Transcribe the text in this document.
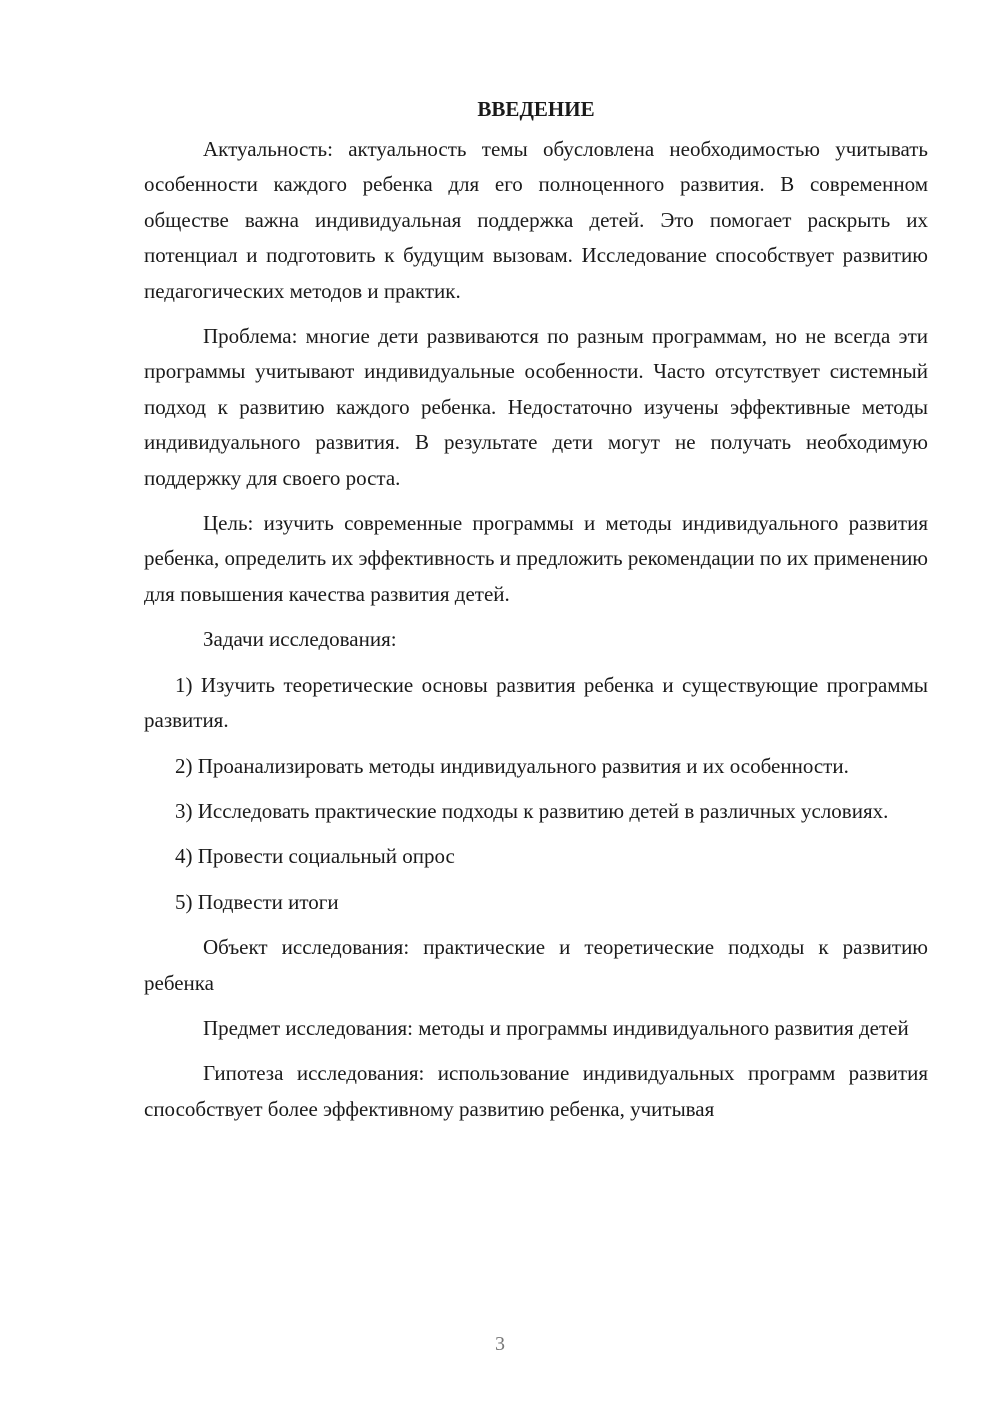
ВВЕДЕНИЕ

Актуальность: актуальность темы обусловлена необходимостью учитывать особенности каждого ребенка для его полноценного развития. В современном обществе важна индивидуальная поддержка детей. Это помогает раскрыть их потенциал и подготовить к будущим вызовам. Исследование способствует развитию педагогических методов и практик.

Проблема: многие дети развиваются по разным программам, но не всегда эти программы учитывают индивидуальные особенности. Часто отсутствует системный подход к развитию каждого ребенка. Недостаточно изучены эффективные методы индивидуального развития. В результате дети могут не получать необходимую поддержку для своего роста.

Цель: изучить современные программы и методы индивидуального развития ребенка, определить их эффективность и предложить рекомендации по их применению для повышения качества развития детей.

Задачи исследования:

1) Изучить теоретические основы развития ребенка и существующие программы развития.

2) Проанализировать методы индивидуального развития и их особенности.

3) Исследовать практические подходы к развитию детей в различных условиях.

4) Провести социальный опрос

5) Подвести итоги

Объект исследования: практические и теоретические подходы к развитию ребенка

Предмет исследования: методы и программы индивидуального развития детей

Гипотеза исследования: использование индивидуальных программ развития способствует более эффективному развитию ребенка, учитывая

3
